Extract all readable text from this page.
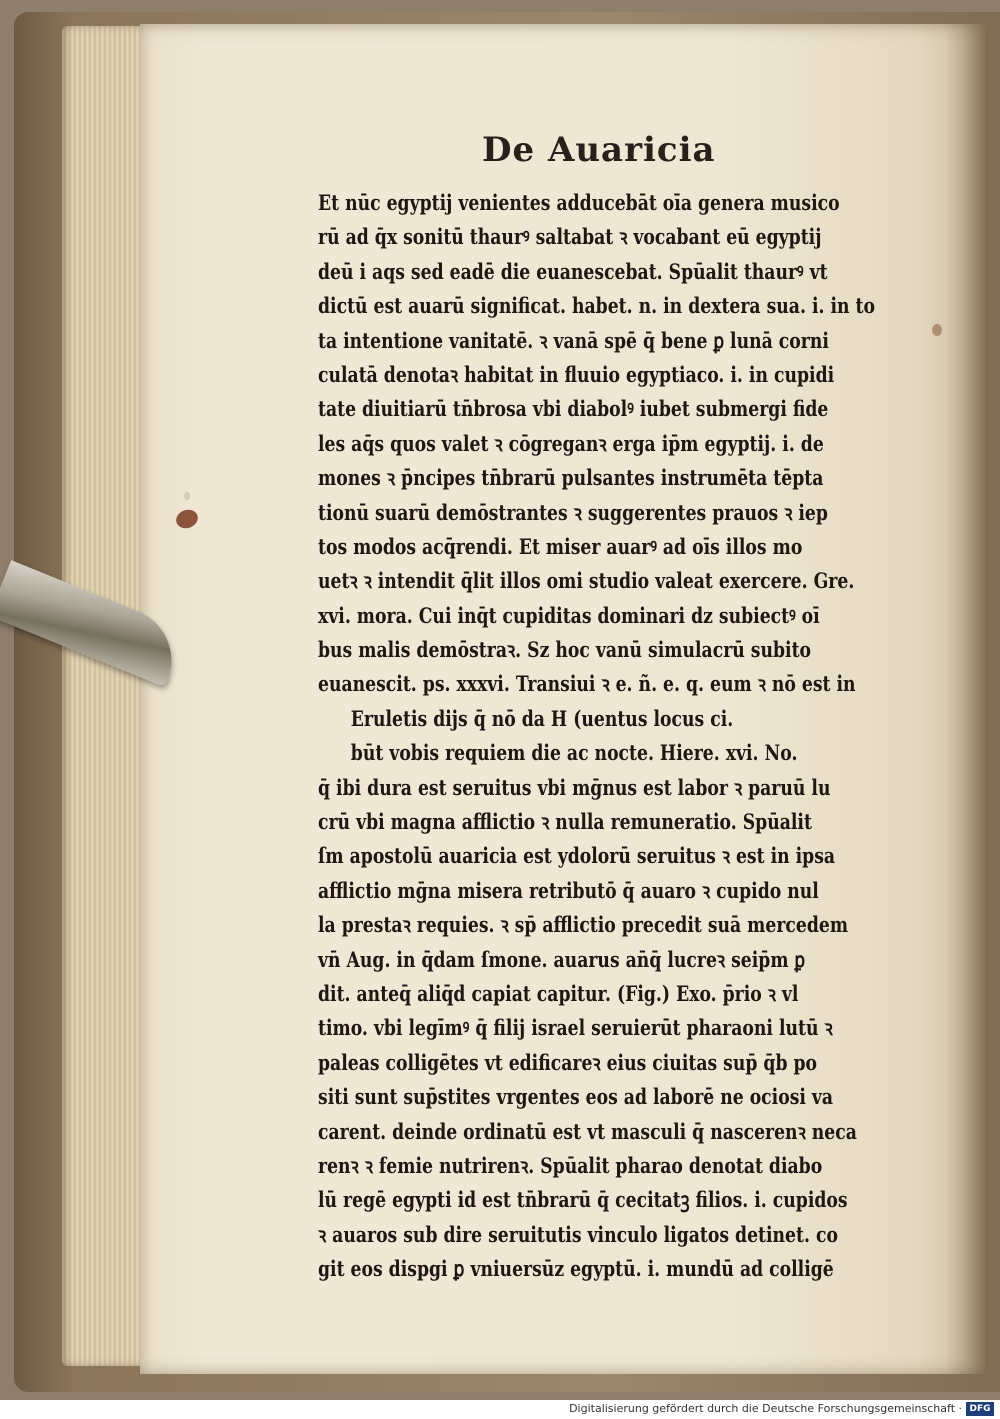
De Auaricia
Et nūc egyptij venientes adducebāt oīa genera musico
rū ad q̄x sonitū thaurꝰ saltabat ꝛ vocabant eū egyptij
deū i aqs sed eadē die euanescebat. Spūalit thaurꝰ vt
dictū est auarū significat. habet. n. in dextera sua. i. in to
ta intentione vanitatē. ꝛ vanā spē q̄ bene ꝑ lunā corni
culatā denotaꝛ habitat in fluuio egyptiaco. i. in cupidi
tate diuitiarū tn̄brosa vbi diabolꝰ iubet submergi fide
les aq̄s quos valet ꝛ cōgreganꝛ erga ip̄m egyptij. i. de
mones ꝛ p̄ncipes tn̄brarū pulsantes instrumēta tēpta
tionū suarū demōstrantes ꝛ suggerentes prauos ꝛ iep
tos modos acq̄rendi. Et miser auarꝰ ad oīs illos mo
uetꝛ ꝛ intendit q̄lit illos omi studio valeat exercere. Gre.
xvi. mora. Cui inq̄t cupiditas dominari dz subiectꝰ oī
bus malis demōstraꝛ. Sz hoc vanū simulacrū subito
euanescit. ps. xxxvi. Transiui ꝛ e. ñ. e. q. eum ꝛ nō est in
Eruletis dijs q̄ nō da H (uentus locus ci.
būt vobis requiem die ac nocte. Hiere. xvi. No.
q̄ ibi dura est seruitus vbi mḡnus est labor ꝛ paruū lu
crū vbi magna afflictio ꝛ nulla remuneratio. Spūalit
ſm apostolū auaricia est ydolorū seruitus ꝛ est in ipsa
afflictio mḡna misera retributō q̄ auaro ꝛ cupido nul
la prestaꝛ requies. ꝛ sp̄ afflictio precedit suā mercedem
vn̄ Aug. in q̄dam ſmone. auarus an̄q̄ lucreꝛ seip̄m ꝑ
dit. anteq̄ aliq̄d capiat capitur. (Fig.) Exo. p̄rio ꝛ vl
timo. vbi legīmꝰ q̄ filij israel seruierūt pharaoni lutū ꝛ
paleas colligētes vt edificareꝛ eius ciuitas sup̄ q̄b po
siti sunt sup̄stites vrgentes eos ad laborē ne ociosi va
carent. deinde ordinatū est vt masculi q̄ nascerenꝛ neca
renꝛ ꝛ femie nutrirenꝛ. Spūalit pharao denotat diabo
lū regē egypti id est tn̄brarū q̄ cecitatꝫ filios. i. cupidos
ꝛ auaros sub dire seruitutis vinculo ligatos detinet. co
git eos dispgi ꝑ vniuersūz egyptū. i. mundū ad colligē
Digitalisierung gefördert durch die Deutsche Forschungsgemeinschaft · DFG
